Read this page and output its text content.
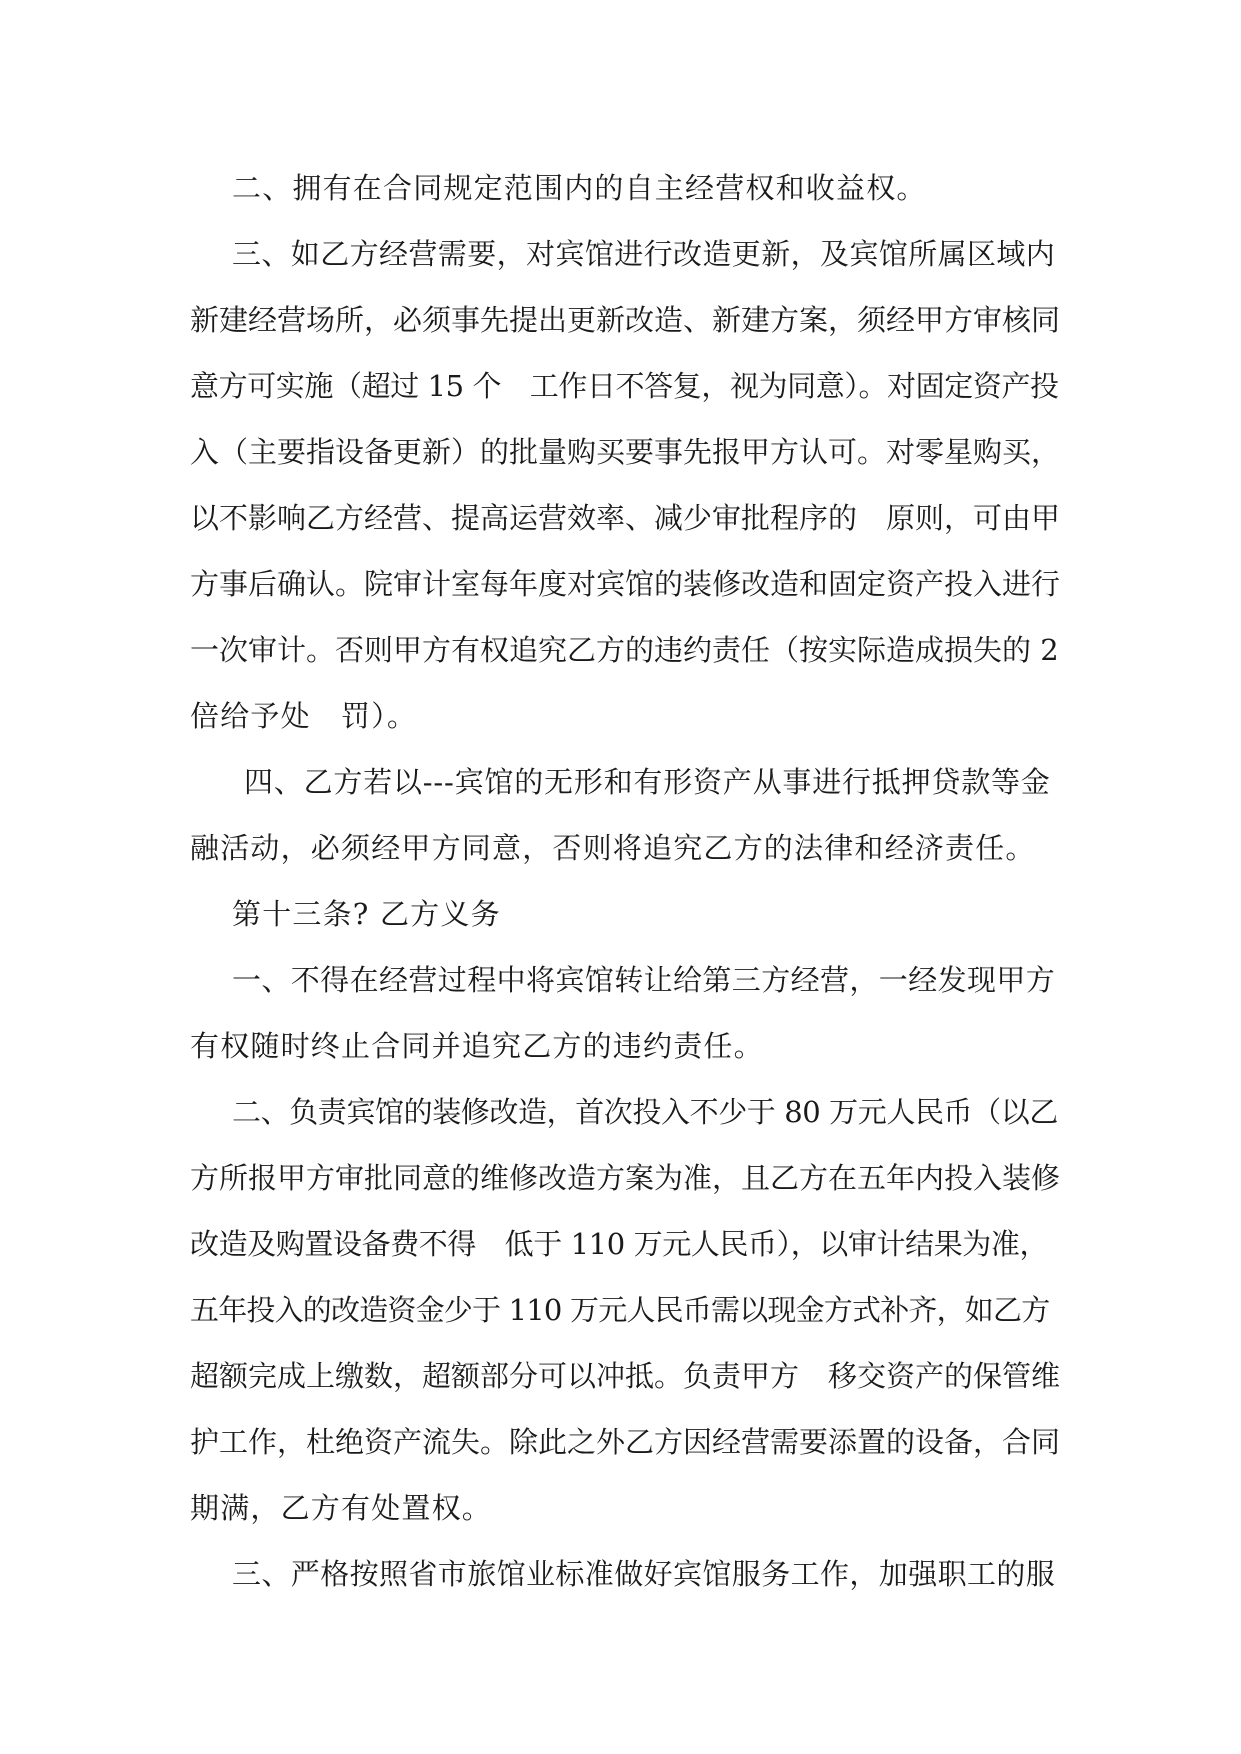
二、拥有在合同规定范围内的自主经营权和收益权。

三、如乙方经营需要，对宾馆进行改造更新，及宾馆所属区域内

新建经营场所，必须事先提出更新改造、新建方案，须经甲方审核同

意方可实施（超过 15 个　工作日不答复，视为同意）。对固定资产投

入（主要指设备更新）的批量购买要事先报甲方认可。对零星购买，

以不影响乙方经营、提高运营效率、减少审批程序的　原则，可由甲

方事后确认。院审计室每年度对宾馆的装修改造和固定资产投入进行

一次审计。否则甲方有权追究乙方的违约责任（按实际造成损失的 2

倍给予处　罚）。

四、乙方若以---宾馆的无形和有形资产从事进行抵押贷款等金

融活动，必须经甲方同意，否则将追究乙方的法律和经济责任。

第十三条? 乙方义务

一、不得在经营过程中将宾馆转让给第三方经营，一经发现甲方

有权随时终止合同并追究乙方的违约责任。

二、负责宾馆的装修改造，首次投入不少于 80 万元人民币（以乙

方所报甲方审批同意的维修改造方案为准，且乙方在五年内投入装修

改造及购置设备费不得　低于 110 万元人民币），以审计结果为准，

五年投入的改造资金少于 110 万元人民币需以现金方式补齐，如乙方

超额完成上缴数，超额部分可以冲抵。负责甲方　移交资产的保管维

护工作，杜绝资产流失。除此之外乙方因经营需要添置的设备，合同

期满，乙方有处置权。

三、严格按照省市旅馆业标准做好宾馆服务工作，加强职工的服
